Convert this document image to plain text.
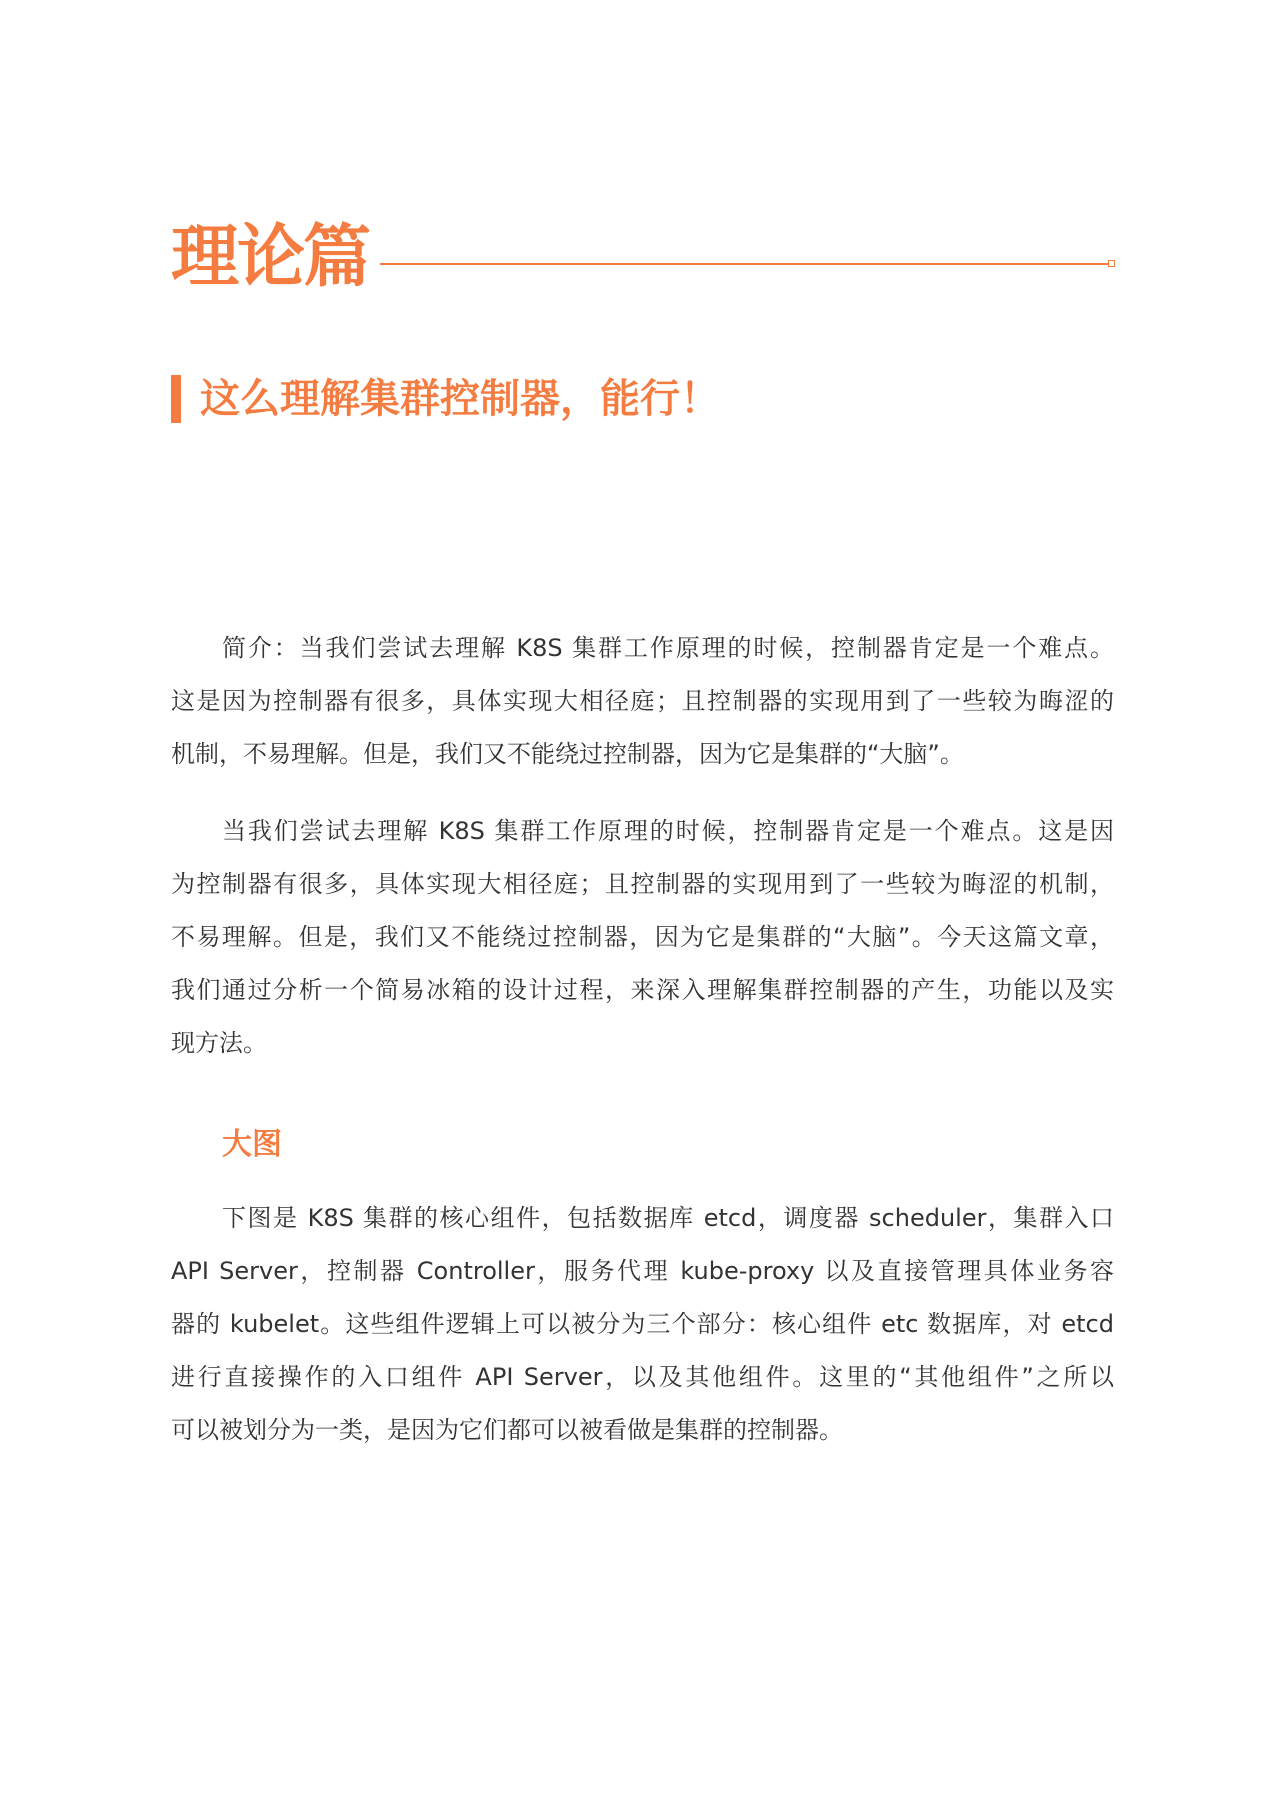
理论篇
这么理解集群控制器，能行！
简介：当我们尝试去理解 K8S 集群工作原理的时候，控制器肯定是一个难点。
这是因为控制器有很多，具体实现大相径庭；且控制器的实现用到了一些较为晦涩的
机制，不易理解。但是，我们又不能绕过控制器，因为它是集群的“大脑”。
当我们尝试去理解 K8S 集群工作原理的时候，控制器肯定是一个难点。这是因
为控制器有很多，具体实现大相径庭；且控制器的实现用到了一些较为晦涩的机制，
不易理解。但是，我们又不能绕过控制器，因为它是集群的“大脑”。今天这篇文章，
我们通过分析一个简易冰箱的设计过程，来深入理解集群控制器的产生，功能以及实
现方法。
大图
下图是 K8S 集群的核心组件，包括数据库 etcd，调度器 scheduler，集群入口
API Server，控制器 Controller，服务代理 kube-proxy 以及直接管理具体业务容
器的 kubelet。这些组件逻辑上可以被分为三个部分：核心组件 etc 数据库，对 etcd
进行直接操作的入口组件 API Server，以及其他组件。这里的“其他组件”之所以
可以被划分为一类，是因为它们都可以被看做是集群的控制器。
